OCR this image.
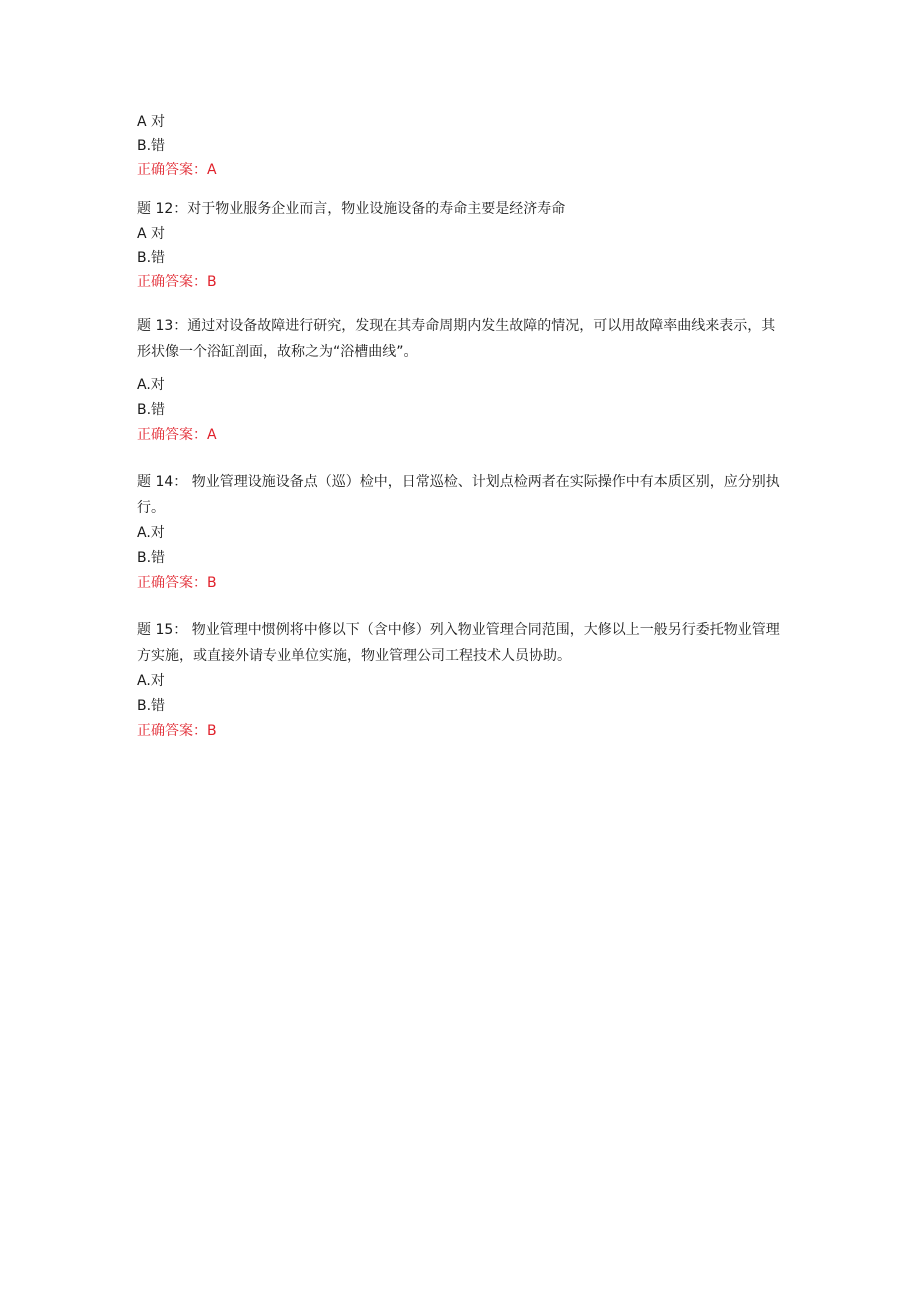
A 对
B.错
正确答案：A
题 12：对于物业服务企业而言，物业设施设备的寿命主要是经济寿命
A 对
B.错
正确答案：B
题 13：通过对设备故障进行研究，发现在其寿命周期内发生故障的情况，可以用故障率曲线来表示，其形状像一个浴缸剖面，故称之为“浴槽曲线”。
A.对
B.错
正确答案：A
题 14： 物业管理设施设备点（巡）检中，日常巡检、计划点检两者在实际操作中有本质区别，应分别执行。
A.对
B.错
正确答案：B
题 15： 物业管理中惯例将中修以下（含中修）列入物业管理合同范围，大修以上一般另行委托物业管理方实施，或直接外请专业单位实施，物业管理公司工程技术人员协助。
A.对
B.错
正确答案：B
